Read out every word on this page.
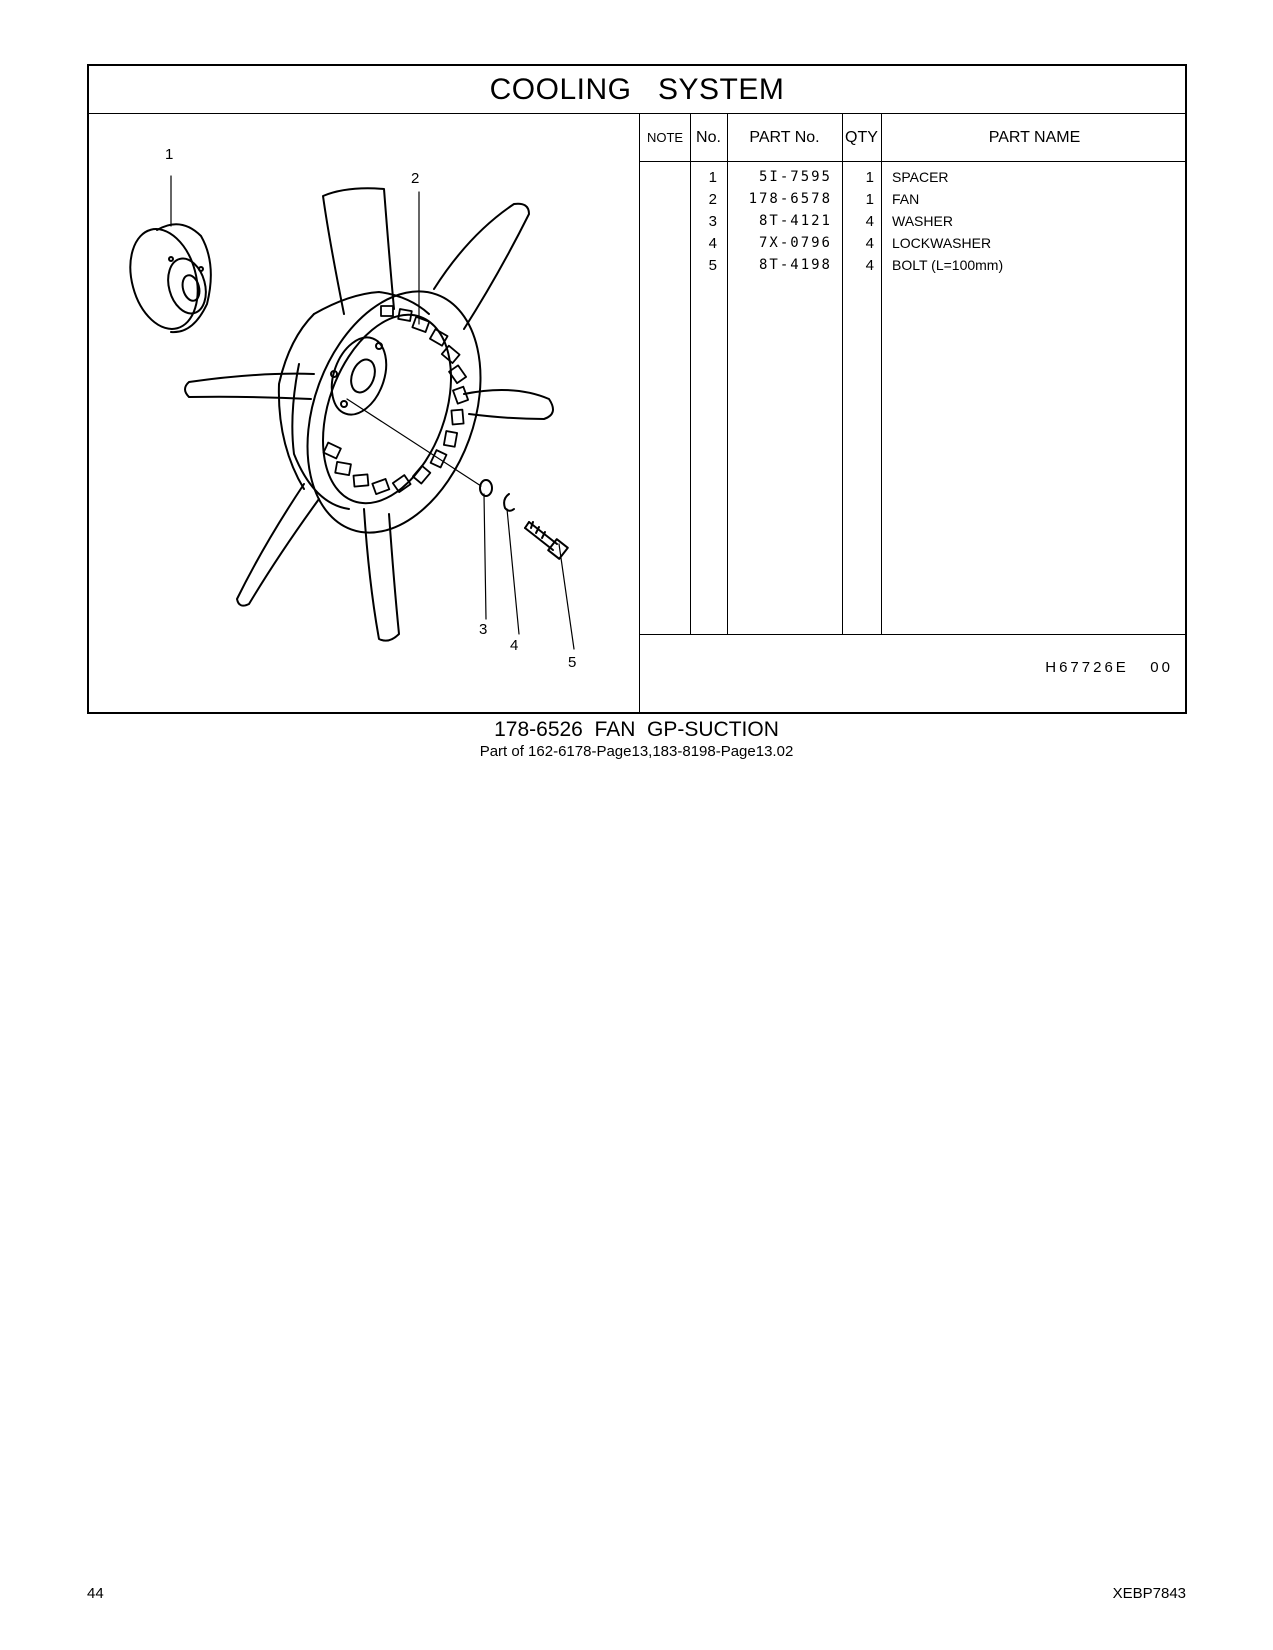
COOLING   SYSTEM
1
2
3
4
5
NOTE No.	PART No.	QTY	PART NAME
1	5I-7595	1 SPACER
2	178-6578	1 FAN
3	8T-4121	4 WASHER
4	7X-0796	4 LOCKWASHER
5	8T-4198	4 BOLT (L=100mm)
H67726E   00
178-6526  FAN  GP-SUCTION
Part of 162-6178-Page13,183-8198-Page13.02
44	XEBP7843
